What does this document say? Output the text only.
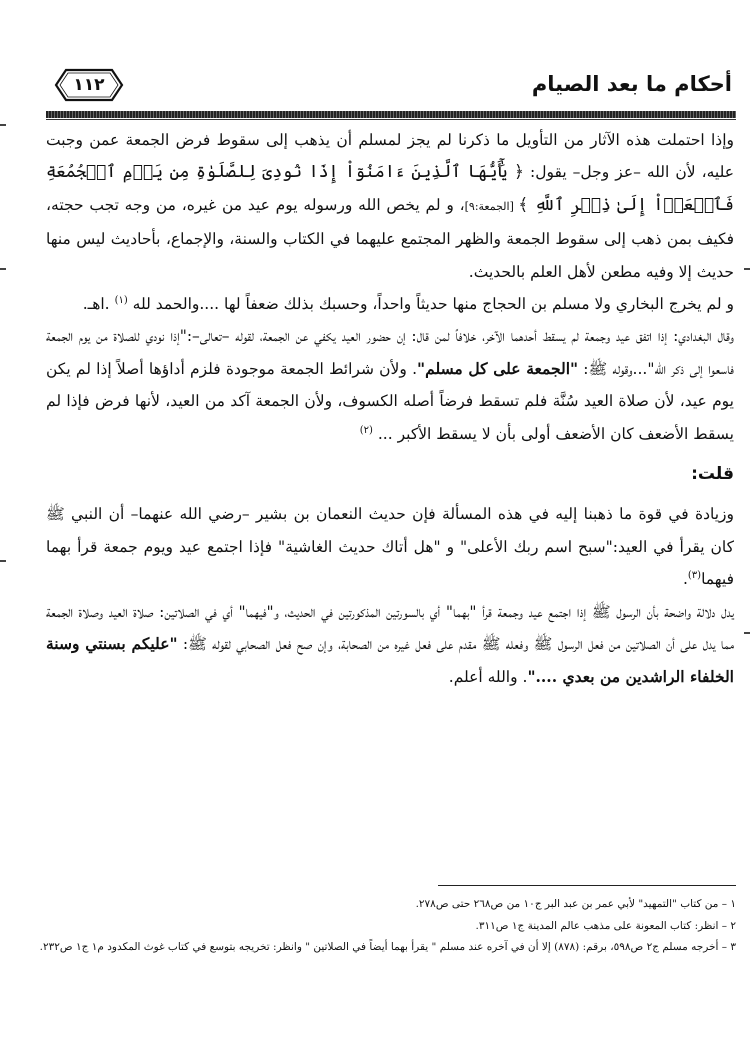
أحكام ما بعد الصيام
١١٢

وإذا احتملت هذه الآثار من التأويل ما ذكرنا لم يجز لمسلم أن يذهب إلى سقوط فرض الجمعة عمن وجبت عليه، لأن الله –عز وجل– يقول: ﴿ يَٰٓأَيُّهَا ٱلَّذِينَ ءَامَنُوٓاْ إِذَا نُودِىَ لِلصَّلَوٰةِ مِن يَوۡمِ ٱلۡجُمُعَةِ فَٱسۡعَوۡاْ إِلَىٰ ذِكۡرِ ٱللَّهِ ﴾ [الجمعة:٩]، و لم يخص الله ورسوله يوم عيد من غيره، من وجه تجب حجته، فكيف بمن ذهب إلى سقوط الجمعة والظهر المجتمع عليهما في الكتاب والسنة، والإجماع، بأحاديث ليس منها حديث إلا وفيه مطعن لأهل العلم بالحديث.

و لم يخرج البخاري ولا مسلم بن الحجاج منها حديثاً واحداً، وحسبك بذلك ضعفاً لها ....والحمد لله $^{(١)}$ .اهـ.

وقال البغدادي: إذا اتفق عيد وجمعة لم يسقط أحدهما الآخر، خلافاً لمن قال: إن حضور العيد يكفي عن الجمعة، لقوله –تعالى–:"إذا نودي للصلاة من يوم الجمعة فاسعوا إلى ذكر الله"...وقوله ﷺ: "الجمعة على كل مسلم". ولأن شرائط الجمعة موجودة فلزم أداؤها أصلاً إذا لم يكن يوم عيد، لأن صلاة العيد سُنَّة فلم تسقط فرضاً أصله الكسوف، ولأن الجمعة آكد من العيد، لأنها فرض فإذا لم يسقط الأضعف كان الأضعف أولى بأن لا يسقط الأكبر ... $^{(٢)}$

قلت:

وزيادة في قوة ما ذهبنا إليه في هذه المسألة فإن حديث النعمان بن بشير –رضي الله عنهما– أن النبي ﷺ كان يقرأ في العيد:"سبح اسم ربك الأعلى" و "هل أتاك حديث الغاشية" فإذا اجتمع عيد ويوم جمعة قرأ بهما فيهما$^{(٣)}$.

يدل دلالة واضحة بأن الرسول ﷺ إذا اجتمع عيد وجمعة قرأ "بهما" أي بالسورتين المذكورتين في الحديث، و"فيهما" أي في الصلاتين: صلاة العيد وصلاة الجمعة مما يدل على أن الصلاتين من فعل الرسول ﷺ وفعله ﷺ مقدم على فعل غيره من الصحابة، وإن صح فعل الصحابي لقوله ﷺ: "عليكم بسنتي وسنة الخلفاء الراشدين من بعدي ....". والله أعلم.

١ – من كتاب "التمهيد" لأبي عمر بن عبد البر ج١٠ من ص٢٦٨ حتى ص٢٧٨.
٢ – انظر: كتاب المعونة على مذهب عالم المدينة ج١ ص٣١١.
٣ – أخرجه مسلم ج٢ ص٥٩٨، برقم: (٨٧٨) إلا أن في آخره عند مسلم " يقرأ بهما أيضاً في الصلاتين " وانظر: تخريجه بتوسع في كتاب غوث المكدود م١ ج١ ص٢٣٢.
